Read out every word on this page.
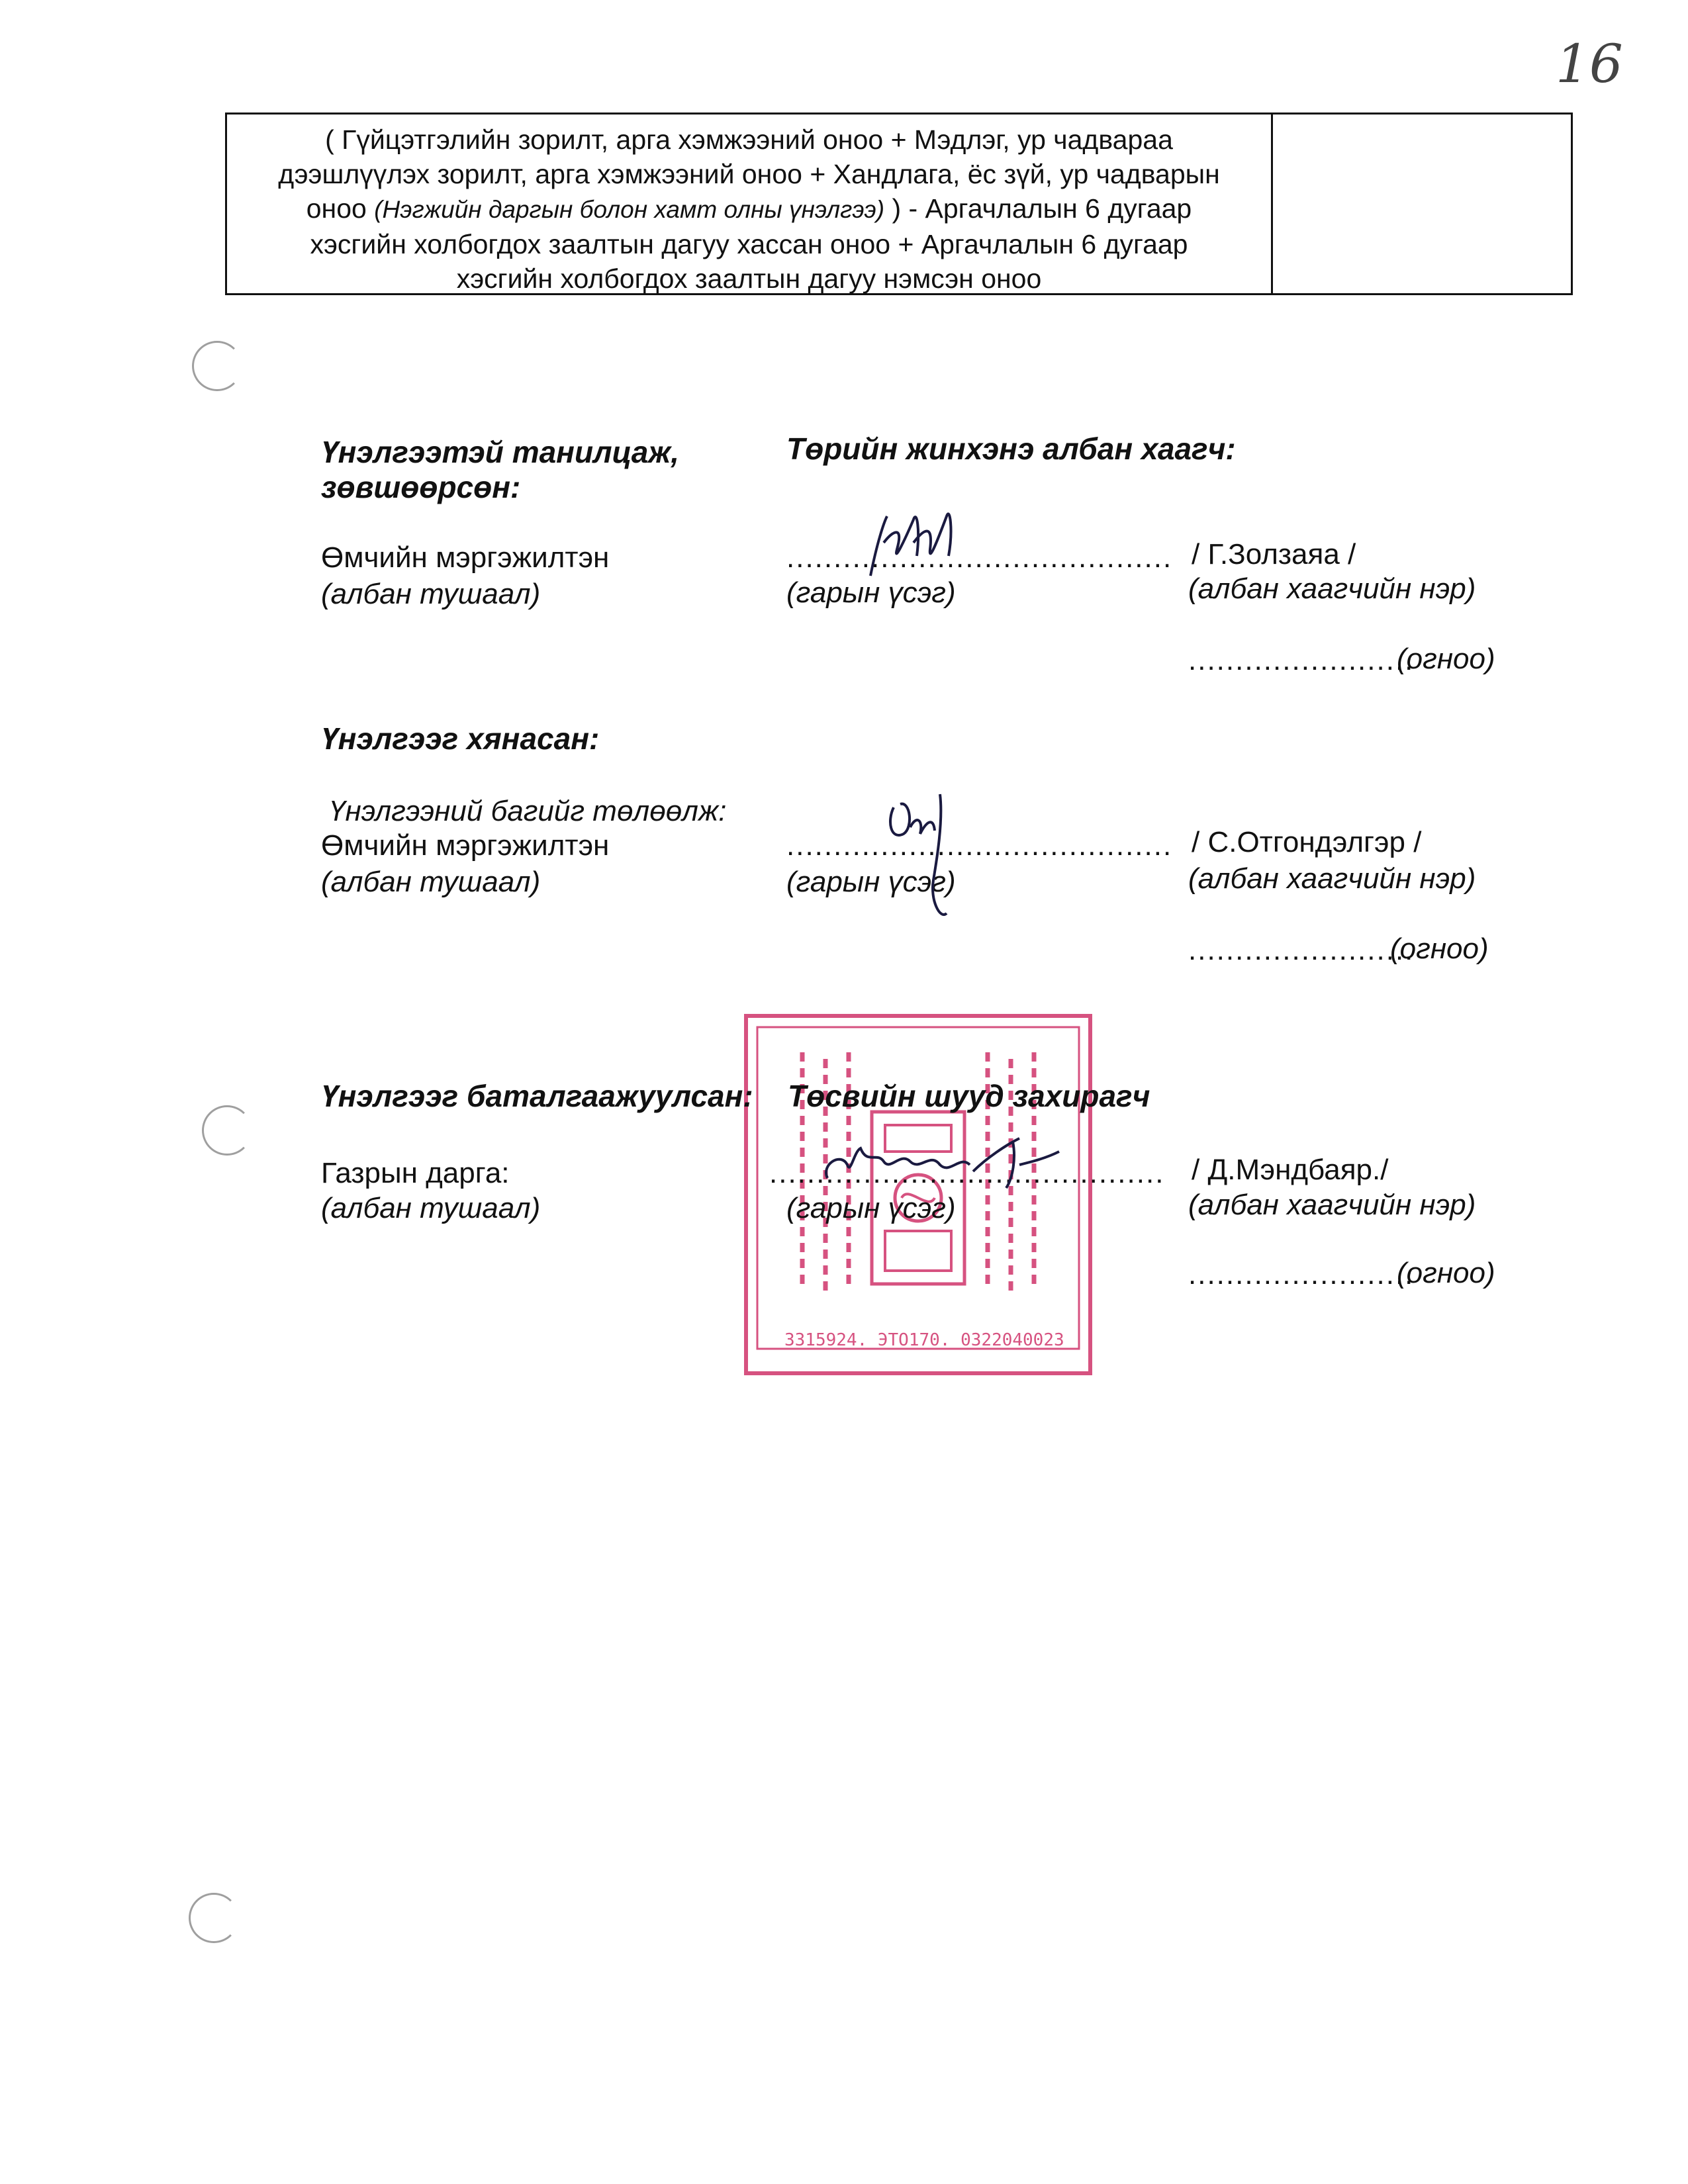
16
( Гүйцэтгэлийн зорилт, арга хэмжээний оноо + Мэдлэг, ур чадвараа
дээшлүүлэх зорилт, арга хэмжээний оноо + Хандлага, ёс зүй, ур чадварын
оноо (Нэгжийн даргын болон хамт олны үнэлгээ) ) - Аргачлалын 6 дугаар
хэсгийн холбогдох заалтын дагуу хассан оноо + Аргачлалын 6 дугаар
хэсгийн холбогдох заалтын дагуу нэмсэн оноо
Үнэлгээтэй танилцаж,
зөвшөөрсөн:
Төрийн жинхэнэ албан хаагч:
Өмчийн мэргэжилтэн
(албан тушаал)
.........................................
(гарын үсэг)
/ Г.Золзаяа /
(албан хаагчийн нэр)
........................
(огноо)
Үнэлгээг хянасан:
Үнэлгээний багийг төлөөлж:
Өмчийн мэргэжилтэн
(албан тушаал)
.........................................
(гарын үсэг)
/ С.Отгондэлгэр /
(албан хаагчийн нэр)
........................
(огноо)
3315924. ЭТО170. 0322040023
Үнэлгээг баталгаажуулсан: Төсвийн шууд захирагч
Газрын дарга:
(албан тушаал)
..........................................
(гарын үсэг)
/ Д.Мэндбаяр./
(албан хаагчийн нэр)
........................
(огноо)
